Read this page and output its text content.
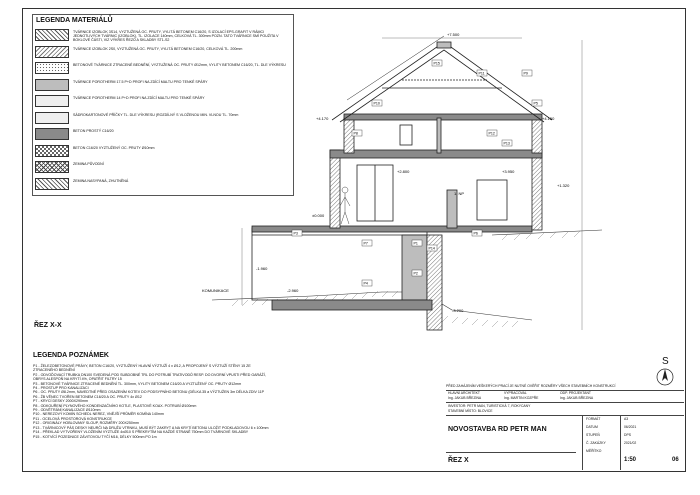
LEGENDA MATERIÁLŮ
TVÁRNICE IZOBLOK 3S14, VYZTUŽENÁ OC. PRUTY, VYLITÁ BETONEM C16/20, S IZOLACÍ EPS-GRAFIT V RÁMCI JEDNOTLIVÝCH TVÁRNIC (IZOBLOK), TL. IZOLACE 140mm, CELKOVÁ TL. 300mm POZN. TATO TVÁRNICE SMÍ POUŽITA V BOKLOVÉ ČÁSTI, VIZ VÝKRES ŘEZŮ A SKLADBY ST1-S2
TVÁRNICE IZOBLOK 2S0, VYZTUŽENÁ OC. PRUTY, VYLITÁ BETONEM C16/20, CELKOVÁ TL. 200mm
BETONOVÉ TVÁRNICE ZTRACENÉ BEDNĚNÍ, VYZTUŽENÁ OC. PRUTY Ø12mm, VYLITY BETONEM C16/20, TL. DLE VÝKRESU
TVÁRNICE POROTHERM 17.5 P+D PROFI NA ZDÍCÍ MALTU PRO TENKÉ SPÁRY
TVÁRNICE POROTHERM 14 P+D PROFI NA ZDÍCÍ MALTU PRO TENKÉ SPÁRY
SÁDROKARTONOVÉ PŘÍČKY TL. DLE VÝKRESU (ROZDÍLNÝ S VLOŽENOU MIN. VLNOU TL. 70mm
BETON PROSTÝ C16/20
BETON C16/20 VYZTUŽENÝ OC. PRUTY Ø10mm
ZEMINA PŮVODNÍ
ZEMINA NASYPANÁ, ZHUTNĚNÁ
+7.500
+4.170	+4.150
1. NP
±0.000
-1.960
KOMUNIKACE	-2.960
-3.200
+1.320
+2.800	+3.950
P15
P11
P12
P3
P1
P7
P8
P10	P5
P13
P6
P14
P2
P4
P9
ŘEZ X-X
LEGENDA POZNÁMEK
P1 - ŽELEZOBETONOVÉ PRÁVY, BETON C16/20, VYZTUŽENÝ HLAVNÍ VÝZTUŽÍ 4 x Ø12, A PROPOJENÝ S VÝZTUŽÍ STĚNY 15 ZE ZTRACENÉHO BEDNĚNÍ
P2 - ODVOĎOVACÍ TRUBKA DN100 SVEDENÁ POD SUBDOBNÉ TRL DO POTRUBÍ TRATIVODŮ RESP. DO DVORNÍ VPUSTI PŘED GARÁŽÍ, OBRYS ALESPOŇ NA KRYTÍ 4%, OPATŘIT FILTRY 15
P3 - BETONOVÉ TVÁRNICE ZTRACENÉ BEDNĚNÍ TL. 300mm, VYLITY BETONEM C16/20 A VYZTUŽENÝ OC. PRUTY Ø12mm
P4 - PROSTUP PRO KANALIZACI
P6 - OC. PRUTY Ø8.2mm, NAVEDTNÉ PŘED OSAZENÍM KOTEV DO PODSYPNÍHO BETONU (DÉLKA 35 a VÝZTUŽEN 3m DÉLKA ZDIV 11P
P6 - ŽB VĚNEC TVOŘEN BETONEM C16/20 A OC. PRUTY 4x Ø12
P7 - KRYCÍ DESKY 2000X290mm
P8 - ODKOUŘENÍ PLYNOVÉHO KONDENZAČNÍHO KOTLE, PLASTOVÉ KOAX. POTRUBÍ Ø100mm
P9 - ODVĚTRÁNÍ KANALIZACE Ø110mm
P10 - NEREZOVÝ KOMÍN SCHIEDL NEREZ, VNĚJŠÍ PRŮMĚR KOMÍNA 140mm
P11 - OCELOVÁ PROSTOROVÁ KONSTRUKCE
P12 - ORIGINÁLY HOBLOVANÝ SLOUP, ROZMĚRY 200X250mm
P13 - TVÁRNICOVÝ PÁS DESKY NEURČI NA DRUŽU VTRNKU, MUSÍ BÝT ZAKRYT A NA KRYTÍ BETONU ULOŽIT PODKLADOVOU 6 x 100mm
P14 - PŘEKLAD VYTVOŘENÝ VLOŽENÍM VÝZTUŽE 4xØ10 S PŘEKRYTÍM NA KAŽDÉ STRANĚ 750mm DO TVÁRNOVÉ SKLADBY
P15 - KOTVÍCÍ POZEDNICE ZÁVITOVOU TYČÍ M16, DÉLKY 500mm PO 1m
S
PŘED ZAHÁJENÍM VEŠKERÝCH PRACÍ JE NUTNÉ OVĚŘIT ROZMĚRY VŠECH STAVEBNÍCH KONSTRUKCÍ
HLAVNÍ ARCHITEKT
Ing. JAKUB BŘEZINA
VYPRACOVAL
Ing. MARTIN KOZPŘE
ODP. PROJEKTANT
Ing. JAKUB BŘEZINA
INVESTOR: PETR MAN, TURISTICKÁ 7, ROKYCANY
STAVEBNÍ MÍSTO: BLOVICE
NOVOSTAVBA RD PETR MAN
ŘEZ X
FORMÁT	A3
DATUM	06/2021
STUPEŇ	DPS
Č. ZAKÁZKY	2021/02
MĚŘÍTKO
1:50	06
